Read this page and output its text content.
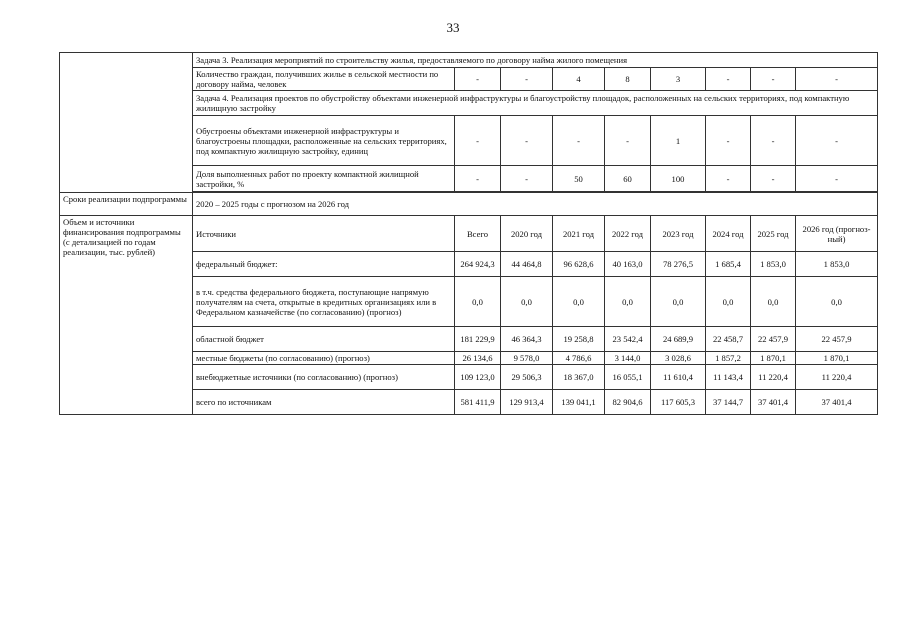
33
	Задача 3. Реализация мероприятий по строительству жилья, предоставляемого по договору найма жилого помещения								
	Количество граждан, получивших жилье в сельской местности по договору найма, человек	-	-	4	8	3	-	-	-
	Задача 4. Реализация проектов по обустройству объектами инженерной инфраструктуры и благоустройству площадок, расположенных на сельских территориях, под компактную жилищную застройку								
	Обустроены объектами инженерной инфраструктуры и благоустроены площадки, расположенные на сельских территориях, под компактную жилищную застройку, единиц	-	-	-	-	1	-	-	-
	Доля выполненных работ по проекту компактной жилищной застройки, %	-	-	50	60	100	-	-	-

Сроки реализации подпрограммы	2020 – 2025 годы с прогнозом на 2026 год								
Объем и источники финансирования подпрограммы (с детализацией по годам реализации, тыс. рублей)	Источники	Всего	2020 год	2021 год	2022 год	2023 год	2024 год	2025 год	2026 год (прогноз-ный)
	федеральный бюджет:	264 924,3	44 464,8	96 628,6	40 163,0	78 276,5	1 685,4	1 853,0	1 853,0
	в т.ч. средства федерального бюджета, поступающие напрямую получателям на счета, открытые в кредитных организациях или в Федеральном казначействе (по согласованию) (прогноз)	0,0	0,0	0,0	0,0	0,0	0,0	0,0	0,0
	областной бюджет	181 229,9	46 364,3	19 258,8	23 542,4	24 689,9	22 458,7	22 457,9	22 457,9
	местные бюджеты (по согласованию) (прогноз)	26 134,6	9 578,0	4 786,6	3 144,0	3 028,6	1 857,2	1 870,1	1 870,1
	внебюджетные источники (по согласованию) (прогноз)	109 123,0	29 506,3	18 367,0	16 055,1	11 610,4	11 143,4	11 220,4	11 220,4
	всего по источникам	581 411,9	129 913,4	139 041,1	82 904,6	117 605,3	37 144,7	37 401,4	37 401,4
